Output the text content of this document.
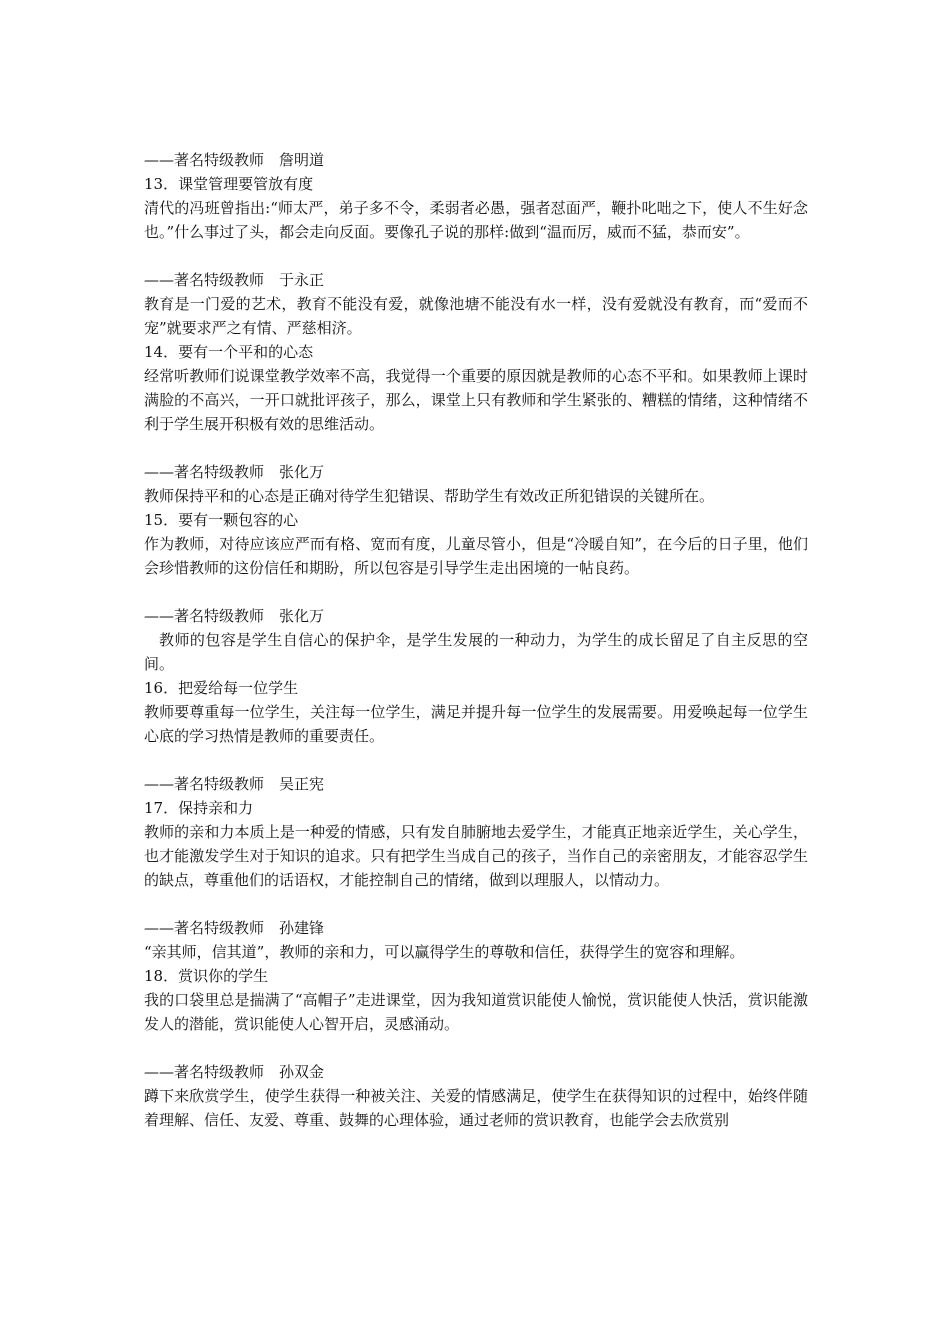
——著名特级教师　詹明道
13．课堂管理要管放有度
清代的冯班曾指出:“师太严，弟子多不令，柔弱者必愚，强者怼面严，鞭扑叱咄之下，使人不生好念也。”什么事过了头，都会走向反面。要像孔子说的那样:做到“温而厉，威而不猛，恭而安”。
——著名特级教师　于永正
教育是一门爱的艺术，教育不能没有爱，就像池塘不能没有水一样，没有爱就没有教育，而“爱而不宠”就要求严之有情、严慈相济。
14．要有一个平和的心态
经常听教师们说课堂教学效率不高，我觉得一个重要的原因就是教师的心态不平和。如果教师上课时满脸的不高兴，一开口就批评孩子，那么，课堂上只有教师和学生紧张的、糟糕的情绪，这种情绪不利于学生展开积极有效的思维活动。
——著名特级教师　张化万
教师保持平和的心态是正确对待学生犯错误、帮助学生有效改正所犯错误的关键所在。
15．要有一颗包容的心
作为教师，对待应该应严而有格、宽而有度，儿童尽管小，但是“冷暖自知”，在今后的日子里，他们会珍惜教师的这份信任和期盼，所以包容是引导学生走出困境的一帖良药。
——著名特级教师　张化万
教师的包容是学生自信心的保护伞，是学生发展的一种动力，为学生的成长留足了自主反思的空间。
16．把爱给每一位学生
教师要尊重每一位学生，关注每一位学生，满足并提升每一位学生的发展需要。用爱唤起每一位学生心底的学习热情是教师的重要责任。
——著名特级教师　吴正宪
17．保持亲和力
教师的亲和力本质上是一种爱的情感，只有发自肺腑地去爱学生，才能真正地亲近学生，关心学生，也才能激发学生对于知识的追求。只有把学生当成自己的孩子，当作自己的亲密朋友，才能容忍学生的缺点，尊重他们的话语权，才能控制自己的情绪，做到以理服人，以情动力。
——著名特级教师　孙建锋
“亲其师，信其道”，教师的亲和力，可以赢得学生的尊敬和信任，获得学生的宽容和理解。
18．赏识你的学生
我的口袋里总是揣满了“高帽子”走进课堂，因为我知道赏识能使人愉悦，赏识能使人快活，赏识能激发人的潜能，赏识能使人心智开启，灵感涌动。
——著名特级教师　孙双金
蹲下来欣赏学生，使学生获得一种被关注、关爱的情感满足，使学生在获得知识的过程中，始终伴随着理解、信任、友爱、尊重、鼓舞的心理体验，通过老师的赏识教育，也能学会去欣赏别
